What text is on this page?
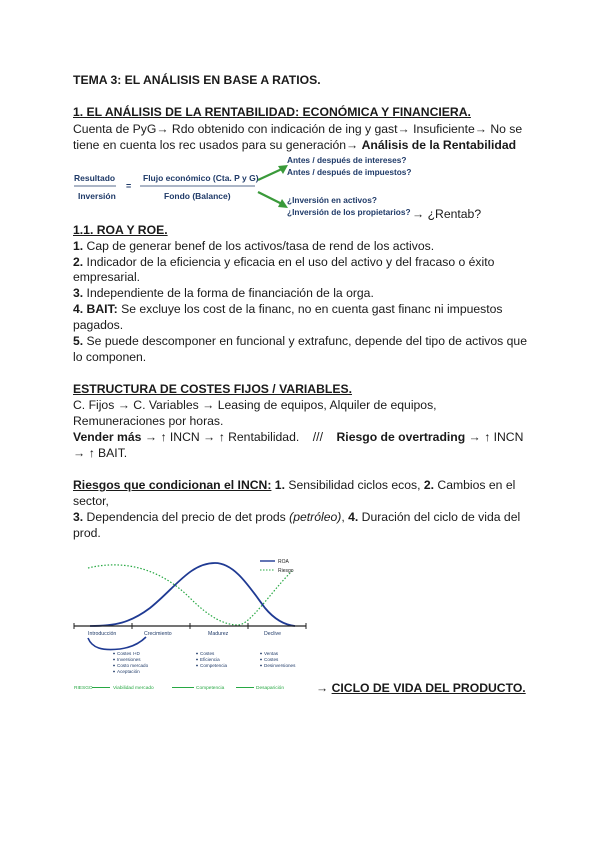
TEMA 3: EL ANÁLISIS EN BASE A RATIOS.
1. EL ANÁLISIS DE LA RENTABILIDAD: ECONÓMICA Y FINANCIERA.
Cuenta de PyG→ Rdo obtenido con indicación de ing y gast→ Insuficiente→ No se
tiene en cuenta los rec usados para su generación→ Análisis de la Rentabilidad
Resultado
Inversión
=
Flujo económico (Cta. P y G)
Fondo (Balance)
Antes / después de intereses?
Antes / después de impuestos?
¿Inversión en activos?
¿Inversión de los propietarios? → ¿Rentab?
1.1. ROA Y ROE.
1. Cap de generar benef de los activos/tasa de rend de los activos.
2. Indicador de la eficiencia y eficacia en el uso del activo y del fracaso o éxito
empresarial.
3. Independiente de la forma de financiación de la orga.
4. BAIT: Se excluye los cost de la financ, no en cuenta gast financ ni impuestos
pagados.
5. Se puede descomponer en funcional y extrafunc, depende del tipo de activos que
lo componen.
ESTRUCTURA DE COSTES FIJOS / VARIABLES.
C. Fijos → C. Variables → Leasing de equipos, Alquiler de equipos,
Remuneraciones por horas.
Vender más → ↑ INCN → ↑ Rentabilidad.    ///    Riesgo de overtrading → ↑ INCN
→ ↑ BAIT.
Riesgos que condicionan el INCN: 1. Sensibilidad ciclos ecos, 2. Cambios en el
sector,
3. Dependencia del precio de det prods (petróleo), 4. Duración del ciclo de vida del
prod.
ROA
Riesgo
Introducción	Crecimiento	Madurez	Declive
Costes I+D
Inversiones
Costo mercado
Aceptación
Costes
Eficiencia
Competencia
Ventas
Costes
Desinversiones
RIESGO	Viabilidad mercado	Competencia	Desaparición	→ CICLO DE VIDA DEL PRODUCTO.
